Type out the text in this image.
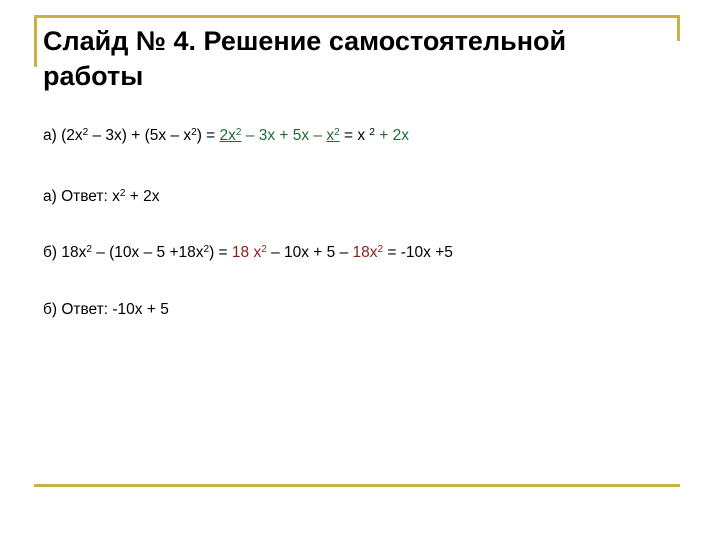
Слайд № 4. Решение самостоятельной работы
а) $(2х^2 - 3х) + (5х - х^2) = 2х^2 - 3х + 5х - х^2 = х$ $^2$ + 2х
а) Ответ: $х^2 + 2х$
б) $18х^2 - (10х - 5 +18х^2) = 18$ $х^2 - 10х + 5 - 18х^2 = -10х +5$
б) Ответ: -10х + 5
